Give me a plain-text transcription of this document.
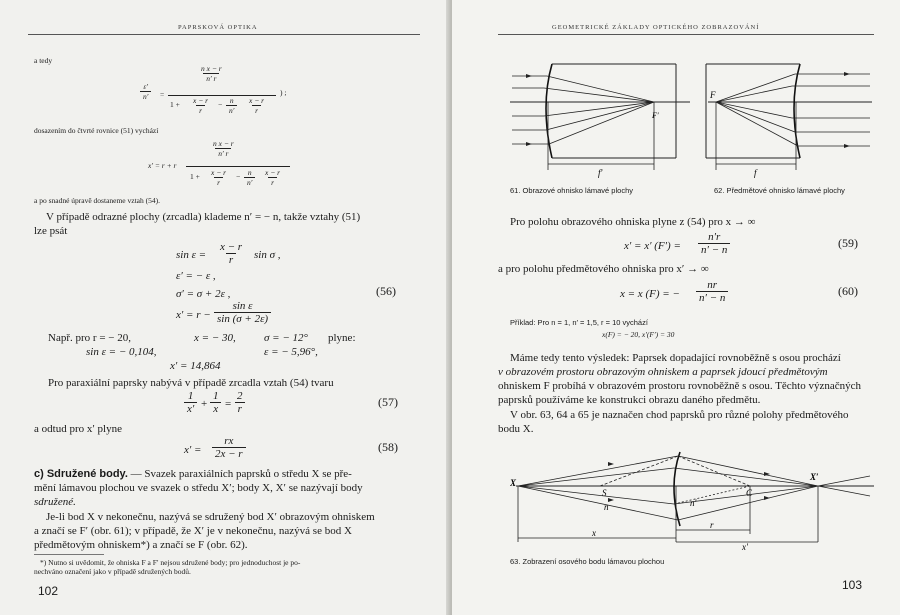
PAPRSKOVÁ OPTIKA
a tedy
$\frac{\varepsilon'}{n'}$ =
$\frac{\text{n x − r}}{n' r}$
$1 + \frac{x - r}{r} - \frac{n}{n'} \frac{x - r}{r}$
) ;
dosazením do čtvrté rovnice (51) vychází
x′ = r + r
$\frac{\text{n x − r}}{n' r}$
$1 + \frac{x - r}{r} - \frac{n}{n'} \frac{x - r}{r}$
a po snadné úpravě dostaneme vztah (54).
V případě odrazné plochy (zrcadla) klademe n′ = − n, takže vztahy (51)
lze psát
$\sin \varepsilon = \frac{x - r}{r}$ sin σ ,
ε′ = − ε ,
σ′ = σ + 2ε ,
$x' = r - \frac{\text{sin ε}}{\sin (\sigma + 2\varepsilon)}$
(56)
Např. pro r = − 20,	x = − 30,	σ = − 12° plyne:
sin ε = − 0,104,	ε = − 5,96°,
x′ = 14,864
Pro paraxiální paprsky nabývá v případě zrcadla vztah (54) tvaru
$\frac{1}{x'} + \frac{1}{x} = \frac{2}{r}$	(57)
a odtud pro x′ plyne
$x' = \frac{rx}{2x - r}$	(58)
c) Sdružené body. — Svazek paraxiálních paprsků o středu X se pře-
mění lámavou plochou ve svazek o středu X′; body X, X′ se nazývají body
sdružené.
Je-li bod X v nekonečnu, nazývá se sdružený bod X′ obrazovým ohniskem
a značí se F′ (obr. 61); v případě, že X′ je v nekonečnu, nazývá se bod X
předmětovým ohniskem*) a značí se F (obr. 62).
*) Nutno si uvědomit, že ohniska F a F′ nejsou sdružené body; pro jednoduchost je po-
nechváno označení jako v případě sdružených bodů.
102
GEOMETRICKÉ ZÁKLADY OPTICKÉHO ZOBRAZOVÁNÍ
F′
f′
F
f
61. Obrazové ohnisko lámavé plochy	62. Předmětové ohnisko lámavé plochy
Pro polohu obrazového ohniska plyne z (54) pro x → ∞
x′ = x′ $(F') = \frac{n'r}{n' - n}$	(59)
a pro polohu předmětového ohniska pro x′ → ∞
x = x (F) = − $\frac{nr}{n' - n}$	(60)
Příklad: Pro n = 1, n′ = 1,5, r = 10 vychází
x(F) = − 20, x′(F′) = 30
Máme tedy tento výsledek: Paprsek dopadající rovnoběžně s osou prochází
v obrazovém prostoru obrazovým ohniskem a paprsek jdoucí předmětovým
ohniskem F probíhá v obrazovém prostoru rovnoběžně s osou. Těchto význačných
paprsků používáme ke konstrukci obrazu daného předmětu.
V obr. 63, 64 a 65 je naznačen chod paprsků pro různé polohy předmětového
bodu X.
X
X′
C
S
n	n′
x
r
x′
63. Zobrazení osového bodu lámavou plochou
103
